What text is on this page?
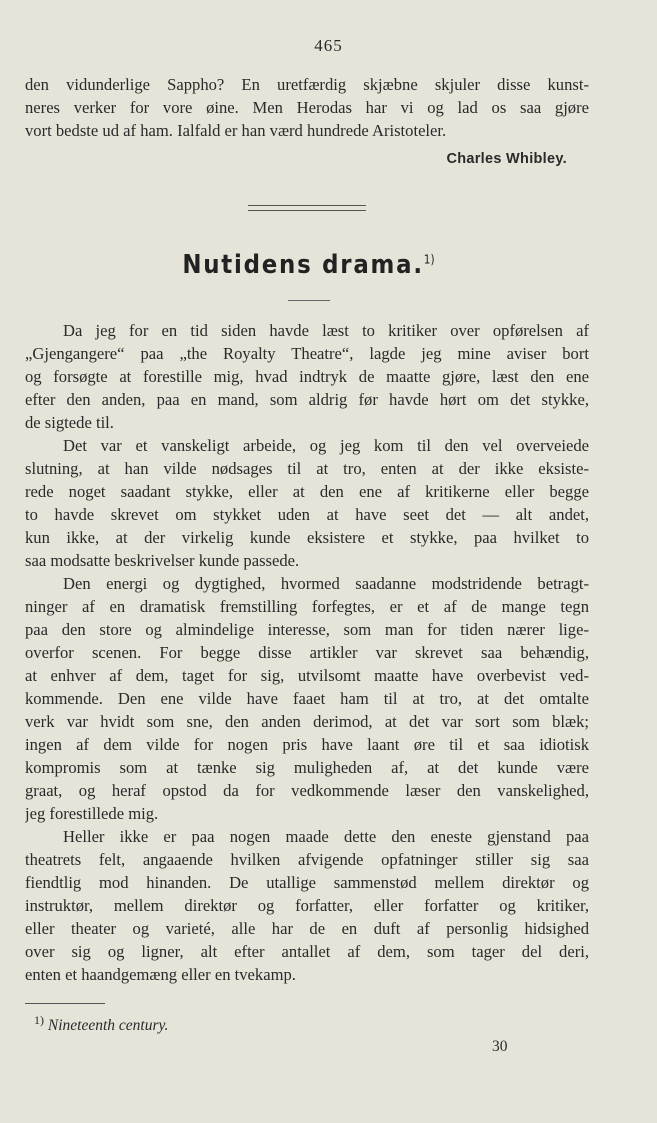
465
den vidunderlige Sappho? En uretfærdig skjæbne skjuler disse kunst-
neres verker for vore øine. Men Herodas har vi og lad os saa gjøre
vort bedste ud af ham. Ialfald er han værd hundrede Aristoteler.
Charles Whibley.
Nutidens drama.$^{1)}$
Da jeg for en tid siden havde læst to kritiker over opførelsen af
„Gjengangere“ paa „the Royalty Theatre“, lagde jeg mine aviser bort
og forsøgte at forestille mig, hvad indtryk de maatte gjøre, læst den ene
efter den anden, paa en mand, som aldrig før havde hørt om det stykke,
de sigtede til.
Det var et vanskeligt arbeide, og jeg kom til den vel overveiede
slutning, at han vilde nødsages til at tro, enten at der ikke eksiste-
rede noget saadant stykke, eller at den ene af kritikerne eller begge
to havde skrevet om stykket uden at have seet det — alt andet,
kun ikke, at der virkelig kunde eksistere et stykke, paa hvilket to
saa modsatte beskrivelser kunde passede.
Den energi og dygtighed, hvormed saadanne modstridende betragt-
ninger af en dramatisk fremstilling forfegtes, er et af de mange tegn
paa den store og almindelige interesse, som man for tiden nærer lige-
overfor scenen. For begge disse artikler var skrevet saa behændig,
at enhver af dem, taget for sig, utvilsomt maatte have overbevist ved-
kommende. Den ene vilde have faaet ham til at tro, at det omtalte
verk var hvidt som sne, den anden derimod, at det var sort som blæk;
ingen af dem vilde for nogen pris have laant øre til et saa idiotisk
kompromis som at tænke sig muligheden af, at det kunde være
graat, og heraf opstod da for vedkommende læser den vanskelighed,
jeg forestillede mig.
Heller ikke er paa nogen maade dette den eneste gjenstand paa
theatrets felt, angaaende hvilken afvigende opfatninger stiller sig saa
fiendtlig mod hinanden. De utallige sammenstød mellem direktør og
instruktør, mellem direktør og forfatter, eller forfatter og kritiker,
eller theater og varieté, alle har de en duft af personlig hidsighed
over sig og ligner, alt efter antallet af dem, som tager del deri,
enten et haandgemæng eller en tvekamp.
$^{1)}$ Nineteenth century.
30
